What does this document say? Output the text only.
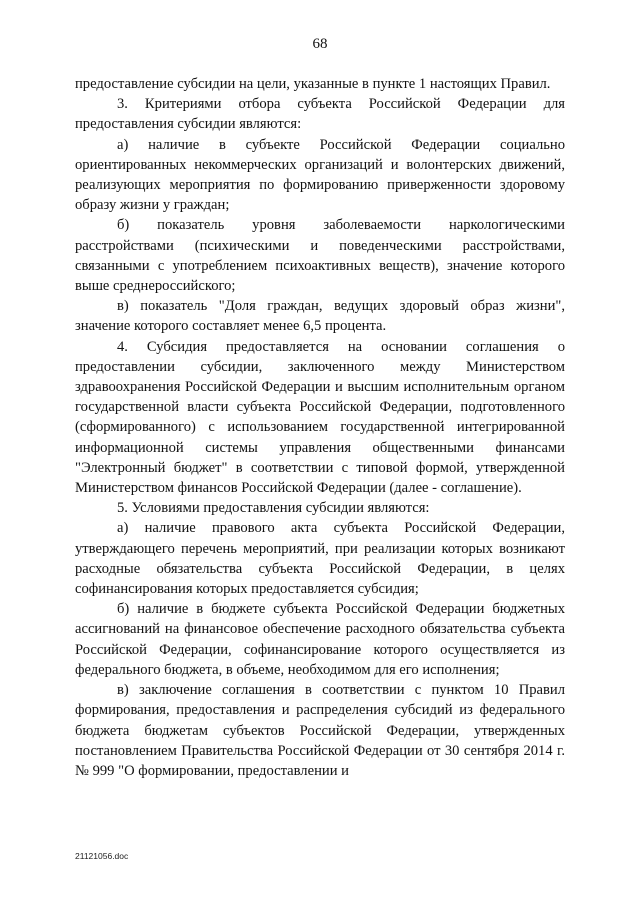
68

предоставление субсидии на цели, указанные в пункте 1 настоящих Правил.

3. Критериями отбора субъекта Российской Федерации для предоставления субсидии являются:

а) наличие в субъекте Российской Федерации социально ориентированных некоммерческих организаций и волонтерских движений, реализующих мероприятия по формированию приверженности здоровому образу жизни у граждан;

б) показатель уровня заболеваемости наркологическими расстройствами (психическими и поведенческими расстройствами, связанными с употреблением психоактивных веществ), значение которого выше среднероссийского;

в) показатель "Доля граждан, ведущих здоровый образ жизни", значение которого составляет менее 6,5 процента.

4. Субсидия предоставляется на основании соглашения о предоставлении субсидии, заключенного между Министерством здравоохранения Российской Федерации и высшим исполнительным органом государственной власти субъекта Российской Федерации, подготовленного (сформированного) с использованием государственной интегрированной информационной системы управления общественными финансами "Электронный бюджет" в соответствии с типовой формой, утвержденной Министерством финансов Российской Федерации (далее - соглашение).

5. Условиями предоставления субсидии являются:

а) наличие правового акта субъекта Российской Федерации, утверждающего перечень мероприятий, при реализации которых возникают расходные обязательства субъекта Российской Федерации, в целях софинансирования которых предоставляется субсидия;

б) наличие в бюджете субъекта Российской Федерации бюджетных ассигнований на финансовое обеспечение расходного обязательства субъекта Российской Федерации, софинансирование которого осуществляется из федерального бюджета, в объеме, необходимом для его исполнения;

в) заключение соглашения в соответствии с пунктом 10 Правил формирования, предоставления и распределения субсидий из федерального бюджета бюджетам субъектов Российской Федерации, утвержденных постановлением Правительства Российской Федерации от 30 сентября 2014 г. № 999 "О формировании, предоставлении и

21121056.doc
